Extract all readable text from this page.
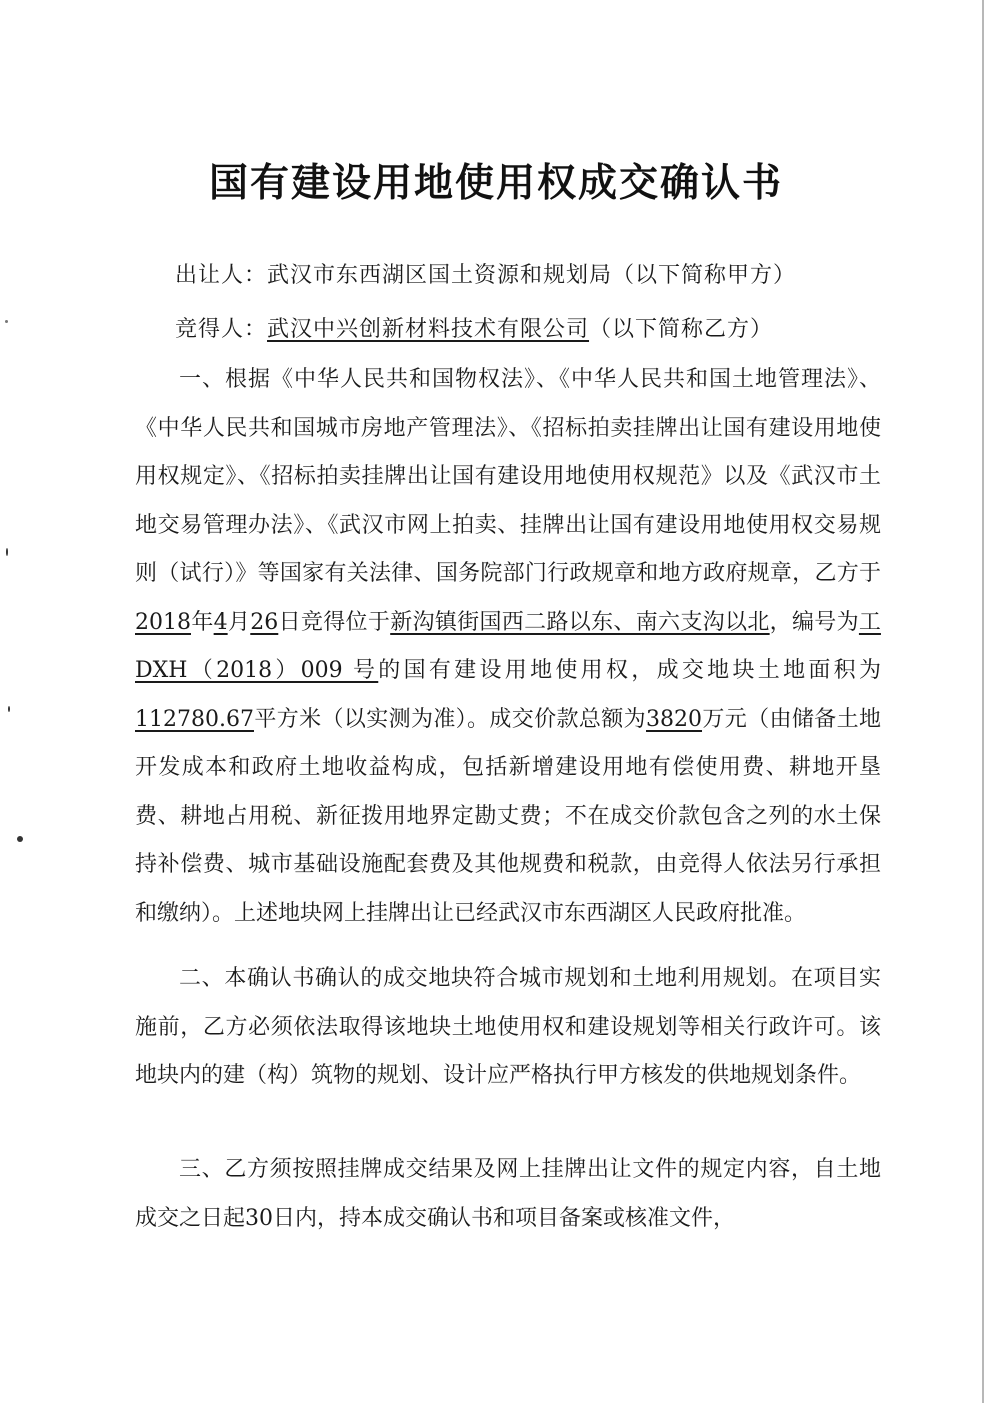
国有建设用地使用权成交确认书
出让人：武汉市东西湖区国土资源和规划局（以下简称甲方）
竞得人：武汉中兴创新材料技术有限公司（以下简称乙方）

一、根据《中华人民共和国物权法》、《中华人民共和国土地管理法》、《中华人民共和国城市房地产管理法》、《招标拍卖挂牌出让国有建设用地使用权规定》、《招标拍卖挂牌出让国有建设用地使用权规范》以及《武汉市土地交易管理办法》、《武汉市网上拍卖、挂牌出让国有建设用地使用权交易规则（试行）》等国家有关法律、国务院部门行政规章和地方政府规章，乙方于2018年4月26日竞得位于新沟镇街国西二路以东、南六支沟以北，编号为工 DXH（2018）009 号的国有建设用地使用权，成交地块土地面积为112780.67平方米（以实测为准）。成交价款总额为3820万元（由储备土地开发成本和政府土地收益构成，包括新增建设用地有偿使用费、耕地开垦费、耕地占用税、新征拨用地界定勘丈费；不在成交价款包含之列的水土保持补偿费、城市基础设施配套费及其他规费和税款，由竞得人依法另行承担和缴纳）。上述地块网上挂牌出让已经武汉市东西湖区人民政府批准。

二、本确认书确认的成交地块符合城市规划和土地利用规划。在项目实施前，乙方必须依法取得该地块土地使用权和建设规划等相关行政许可。该地块内的建（构）筑物的规划、设计应严格执行甲方核发的供地规划条件。

三、乙方须按照挂牌成交结果及网上挂牌出让文件的规定内容，自土地成交之日起30日内，持本成交确认书和项目备案或核准文件，
